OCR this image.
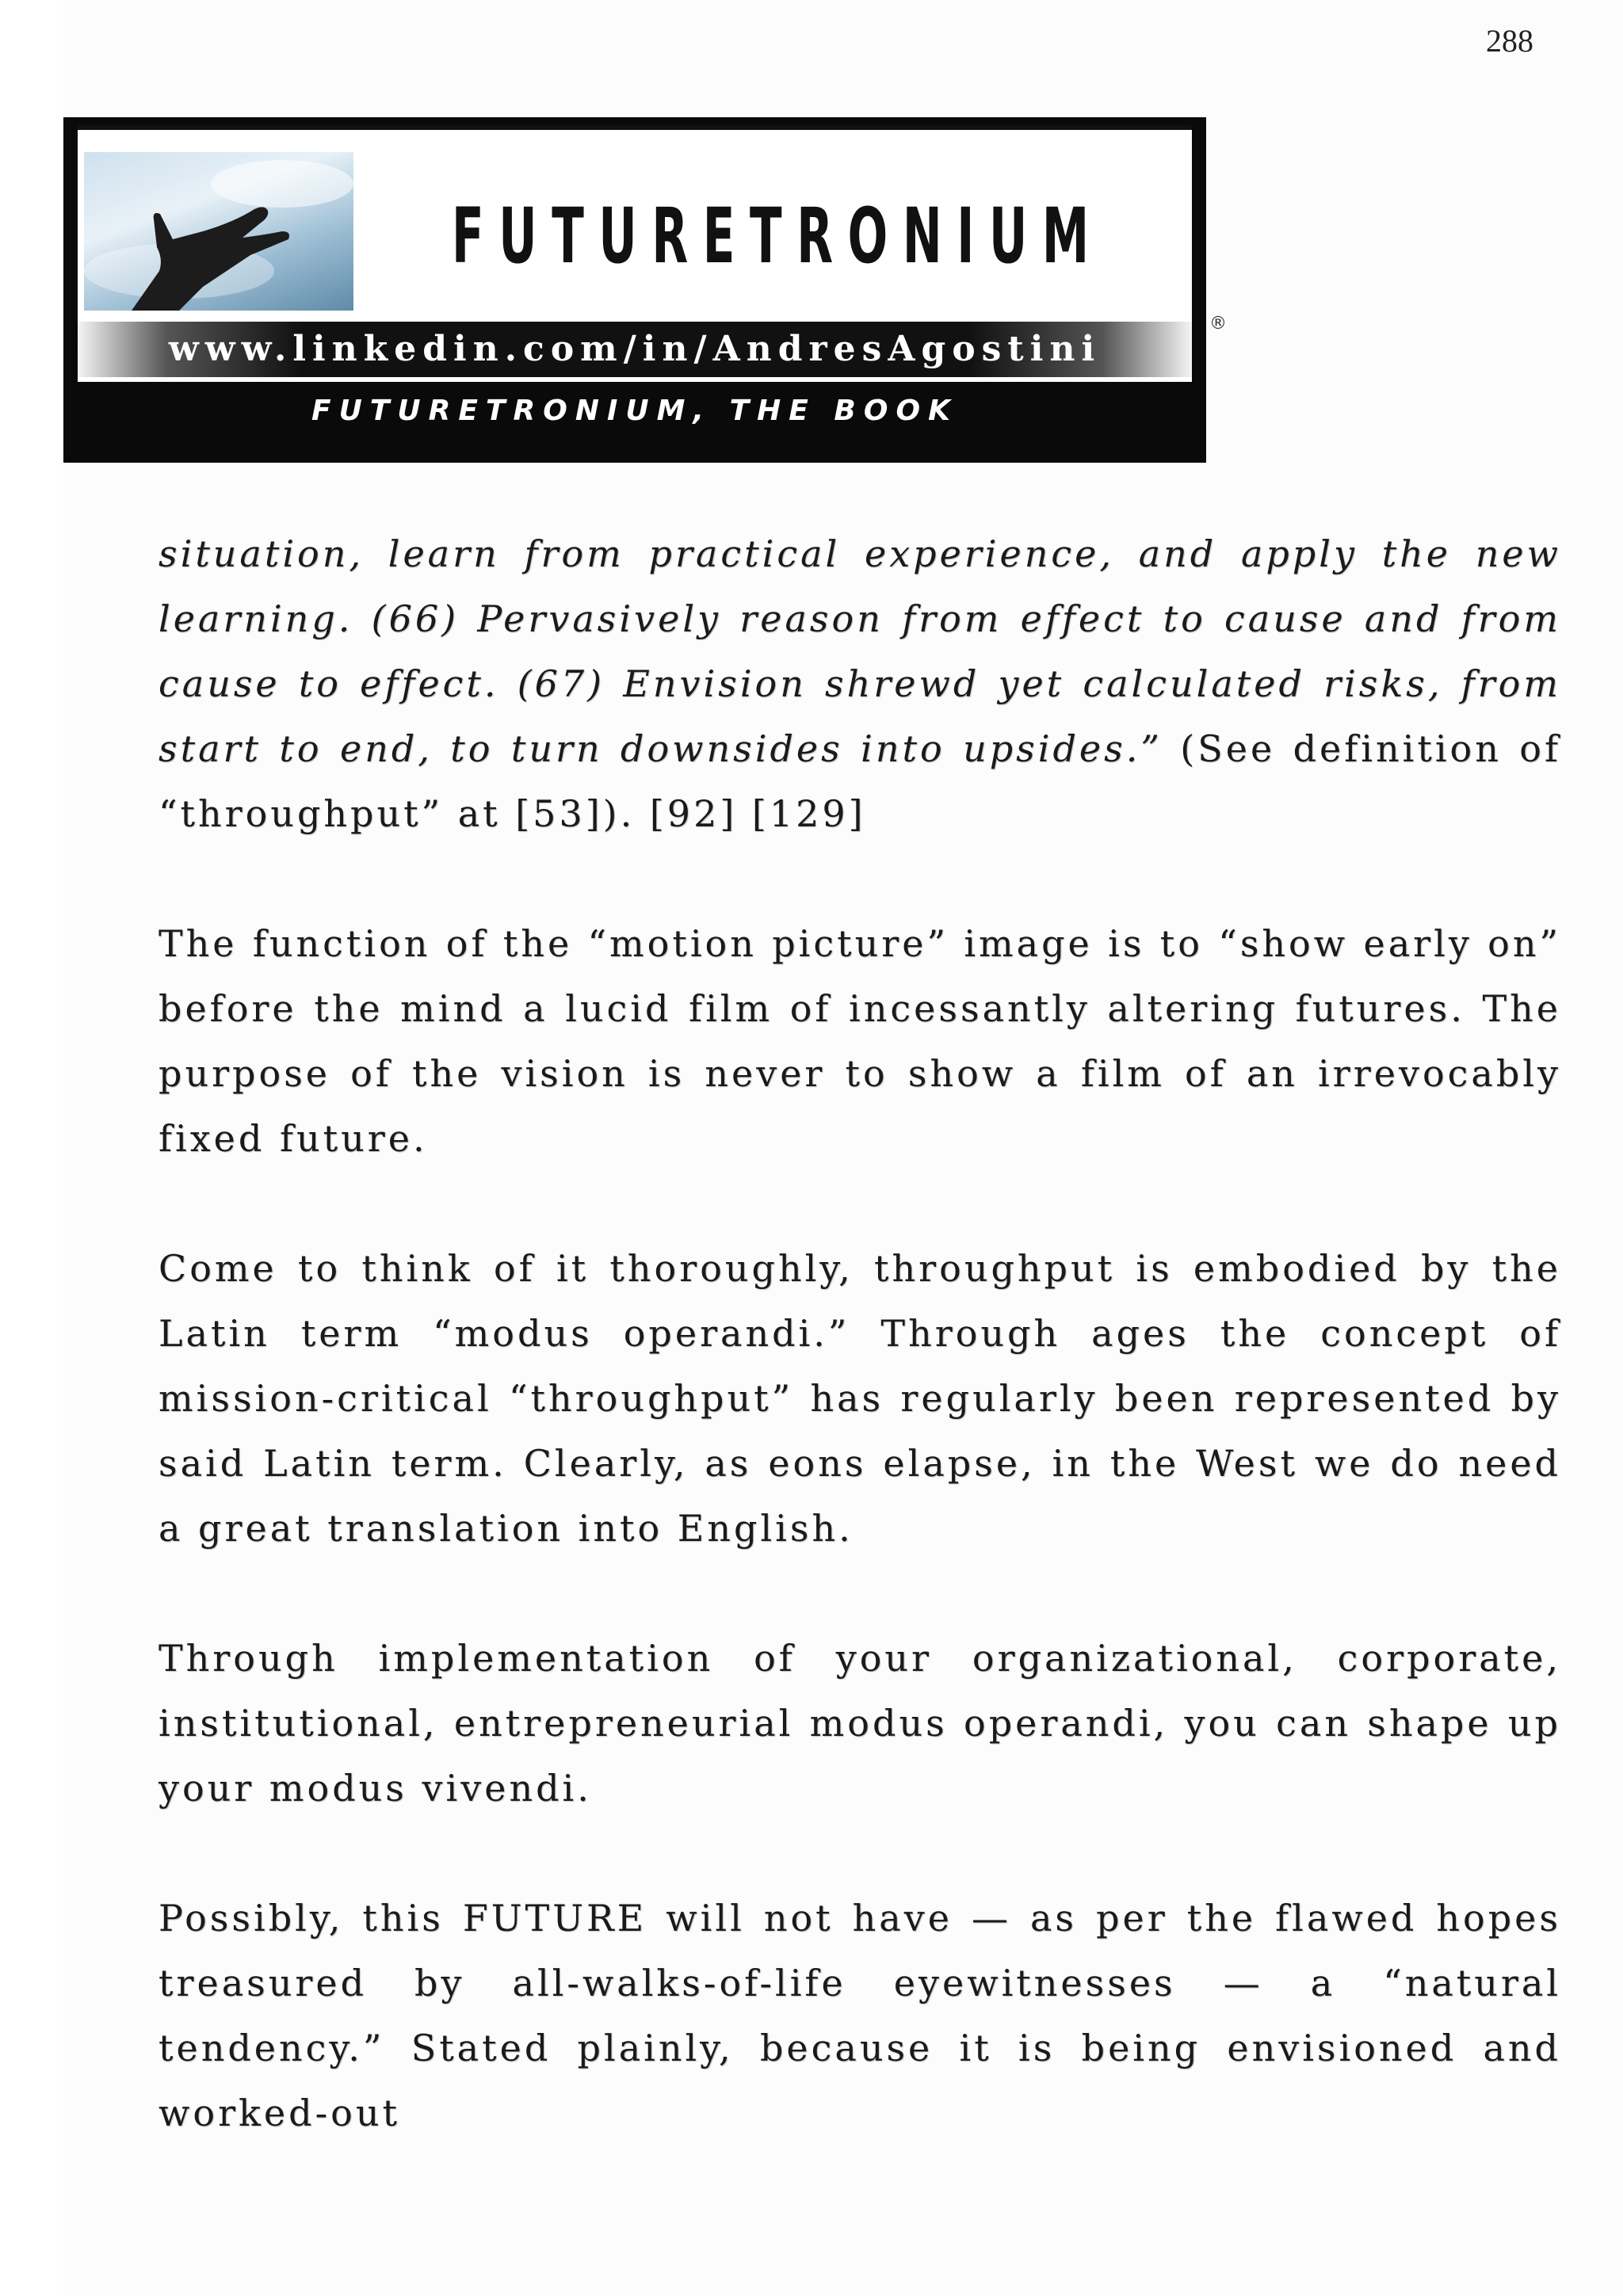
288
FUTURETRONIUM
®
www.linkedin.com/in/AndresAgostini
FUTURETRONIUM, THE BOOK

situation, learn from practical experience, and apply the new learning. (66) Pervasively reason from effect to cause and from cause to effect. (67) Envision shrewd yet calculated risks, from start to end, to turn downsides into upsides.” (See definition of “throughput” at [53]). [92] [129]

The function of the “motion picture” image is to “show early on” before the mind a lucid film of incessantly altering futures. The purpose of the vision is never to show a film of an irrevocably fixed future.

Come to think of it thoroughly, throughput is embodied by the Latin term “modus operandi.” Through ages the concept of mission-critical “throughput” has regularly been represented by said Latin term. Clearly, as eons elapse, in the West we do need a great translation into English.

Through implementation of your organizational, corporate, institutional, entrepreneurial modus operandi, you can shape up your modus vivendi.

Possibly, this FUTURE will not have — as per the flawed hopes treasured by all-walks-of-life eyewitnesses — a “natural tendency.” Stated plainly, because it is being envisioned and worked-out
